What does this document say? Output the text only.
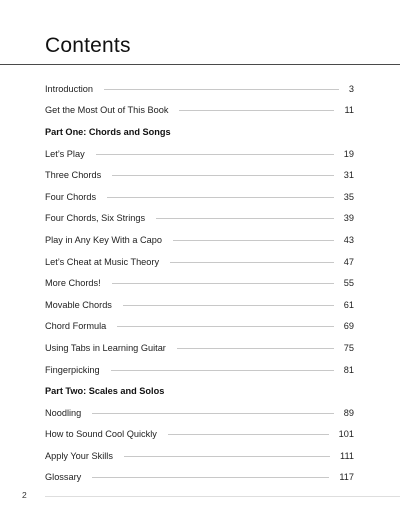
Contents
Introduction	3
Get the Most Out of This Book	11
Part One: Chords and Songs
Let’s Play	19
Three Chords	31
Four Chords	35
Four Chords, Six Strings	39
Play in Any Key With a Capo	43
Let’s Cheat at Music Theory	47
More Chords!	55
Movable Chords	61
Chord Formula	69
Using Tabs in Learning Guitar	75
Fingerpicking	81
Part Two: Scales and Solos
Noodling	89
How to Sound Cool Quickly	101
Apply Your Skills	111
Glossary	117
2
